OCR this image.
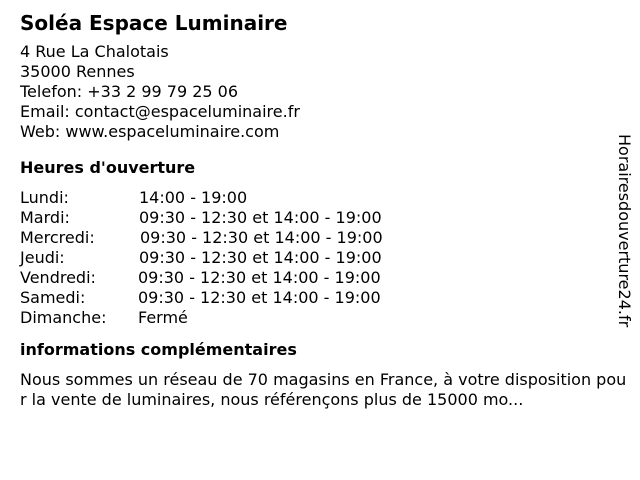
Soléa Espace Luminaire
4 Rue La Chalotais
35000 Rennes
Telefon: +33 2 99 79 25 06
Email: contact@espaceluminaire.fr
Web: www.espaceluminaire.com
Heures d'ouverture
Lundi:	14:00 - 19:00
Mardi:	09:30 - 12:30 et 14:00 - 19:00
Mercredi:	09:30 - 12:30 et 14:00 - 19:00
Jeudi:	09:30 - 12:30 et 14:00 - 19:00
Vendredi:	09:30 - 12:30 et 14:00 - 19:00
Samedi:	09:30 - 12:30 et 14:00 - 19:00
Dimanche:	Fermé
informations complémentaires
Nous sommes un réseau de 70 magasins en France, à votre disposition pour la vente de luminaires, nous référençons plus de 15000 mo...
Horairesdouverture24.fr
